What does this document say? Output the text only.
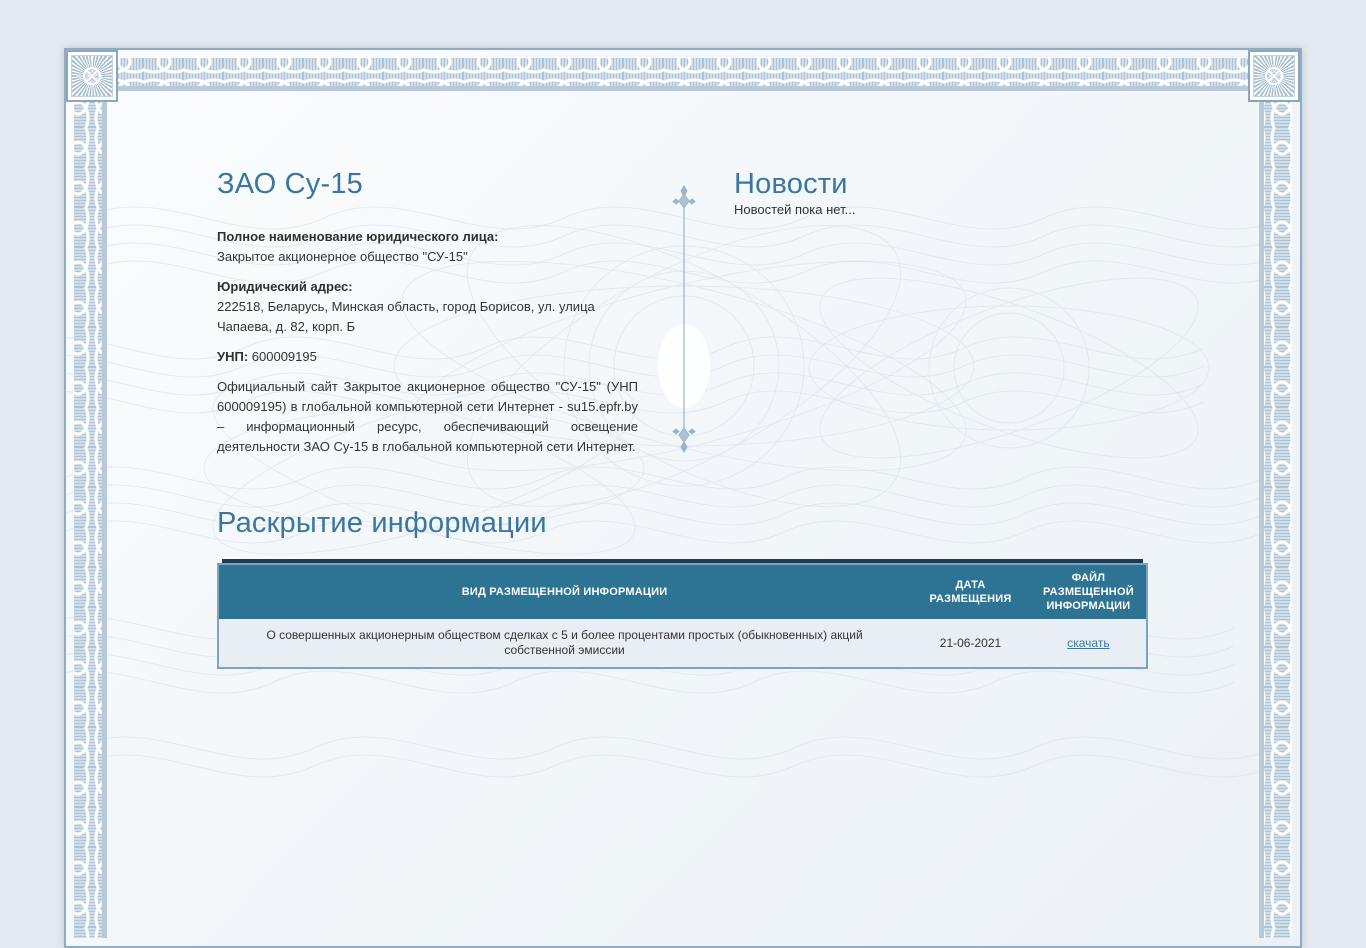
ЗАО Су-15

Полное наименование юридического лица:
Закрытое акционерное общество "СУ-15"

Юридический адрес:
222518, Беларусь, Минская область, город Борисов, ул. улица Чапаева, д. 82, корп. Б

УНП: 600009195

Официальный сайт Закрытое акционерное общество "СУ-15" (УНП 600009195) в глобальной компьютерной сети Интернет - su15.epfr.by – информационный ресурс, обеспечивающий освещение деятельности ЗАО Су-15 в глобальной компьютерной сети Интернет.

Новости

Новостей пока нет...

Раскрытие информации
ВИД РАЗМЕЩЕННОЙ ИНФОРМАЦИИ	ДАТА РАЗМЕЩЕНИЯ	ФАЙЛ РАЗМЕЩЕННОЙ ИНФОРМАЦИИ
О совершенных акционерным обществом сделках с 5 и более процентами простых (обыкновенных) акций собственной эмиссии	21-06-2021	скачать
